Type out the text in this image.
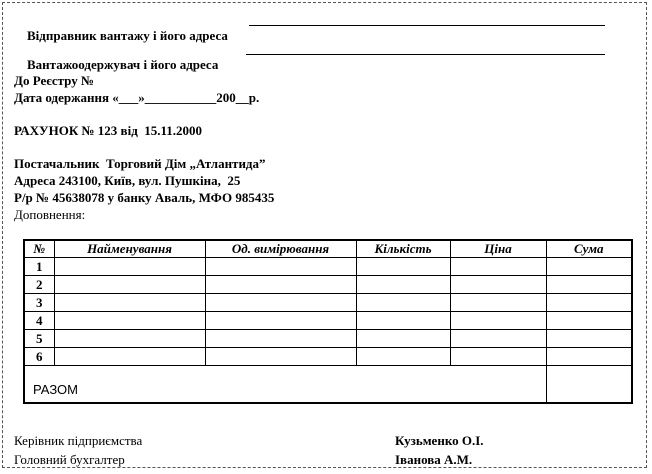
Відправник вантажу і його адреса

Вантажоодержувач і його адреса

До Реєстру №
Дата одержання «___»___________200__р.
РАХУНОК № 123 від  15.11.2000
Постачальник  Торговий Дім „Атлантида”
Адреса 243100, Київ, вул. Пушкіна,  25
Р/р № 45638078 у банку Аваль, МФО 985435
Доповнення:
№	Найменування	Од. вимірювання	Кількість	Ціна	Сума
1					
2					
3					
4					
5					
6					
РАЗОМ					
Керівник підприємства	Кузьменко О.І.
Головний бухгалтер	Іванова А.М.
